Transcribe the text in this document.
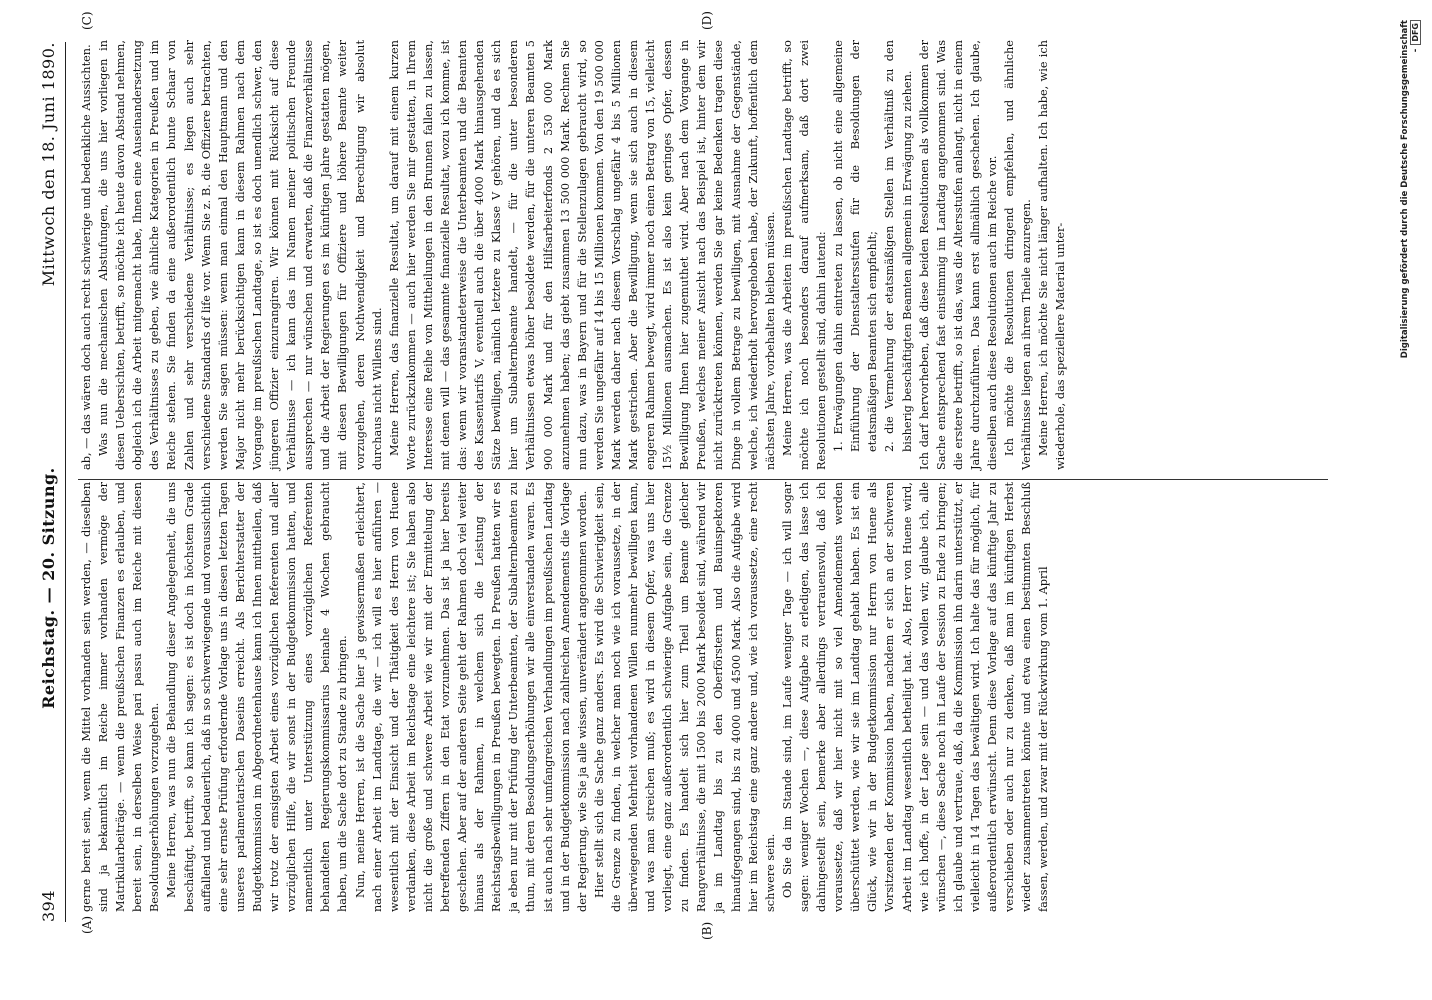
394
Reichstag. — 20. Sitzung.
Mittwoch den 18. Juni 1890.
(A)	(B)
(C)	(D)

gerne bereit sein, wenn die Mittel vorhanden sein werden, — dieselben sind ja bekanntlich im Reiche immer vorhanden vermöge der Matrikularbeiträge. — wenn die preußischen Finanzen es erlauben, und bereit sein, in derselben Weise pari passu auch im Reiche mit diesen Besoldungserhöhungen vorzugehen. Meine Herren, was nun die Behandlung dieser Angelegenheit, die uns beschäftigt, betrifft, so kann ich sagen: es ist doch in höchstem Grade auffallend und bedauerlich, daß in so schwerwiegende und voraussichtlich eine sehr ernste Prüfung erfordernde Vorlage uns in diesen letzten Tagen unseres parlamentarischen Daseins erreicht. Als Berichterstatter der Budgetkommission im Abgeordnetenhause kann ich Ihnen mittheilen, daß wir trotz der emsigsten Arbeit eines vorzüglichen Referenten und aller vorzüglichen Hilfe, die wir sonst in der Budgetkommission hatten, und namentlich unter Unterstützung eines vorzüglichen Referenten behandelten Regierungskommissarius beinahe 4 Wochen gebraucht haben, um die Sache dort zu Stande zu bringen. Nun, meine Herren, ist die Sache hier ja gewissermaßen erleichtert, nach einer Arbeit im Landtage, die wir — ich will es hier anführen — wesentlich mit der Einsicht und der Thätigkeit des Herrn von Huene verdanken, diese Arbeit im Reichstage eine leichtere ist; Sie haben also nicht die große und schwere Arbeit wie wir mit der Ermittelung der betreffenden Ziffern in den Etat vorzunehmen. Das ist ja hier bereits geschehen. Aber auf der anderen Seite geht der Rahmen doch viel weiter hinaus als der Rahmen, in welchem sich die Leistung der Reichstagsbewilligungen in Preußen bewegten. In Preußen hatten wir es ja eben nur mit der Prüfung der Unterbeamten, der Subalternbeamten zu thun, mit deren Besoldungserhöhungen wir alle einverstanden waren. Es ist auch nach sehr umfangreichen Verhandlungen im preußischen Landtag und in der Budgetkommission nach zahlreichen Amendements die Vorlage der Regierung, wie Sie ja alle wissen, unverändert angenommen worden. Hier stellt sich die Sache ganz anders. Es wird die Schwierigkeit sein, die Grenze zu finden, in welcher man noch wie ich voraussetze, in der überwiegenden Mehrheit vorhandenen Willen nunmehr bewilligen kann, und was man streichen muß; es wird in diesem Opfer, was uns hier vorliegt, eine ganz außerordentlich schwierige Aufgabe sein, die Grenze zu finden. Es handelt sich hier zum Theil um Beamte gleicher Rangverhältnisse, die mit 1500 bis 2000 Mark besoldet sind, während wir ja im Landtag bis zu den Oberförstern und Bauinspektoren hinaufgegangen sind, bis zu 4000 und 4500 Mark. Also die Aufgabe wird hier im Reichstag eine ganz andere und, wie ich voraussetze, eine recht schwere sein. Ob Sie da im Stande sind, im Laufe weniger Tage — ich will sogar sagen: weniger Wochen —, diese Aufgabe zu erledigen, das lasse ich dahingestellt sein, bemerke aber allerdings vertrauensvoll, daß ich voraussetze, daß wir hier nicht mit so viel Amendements werden überschüttet werden, wie wir sie im Landtag gehabt haben. Es ist ein Glück, wie wir in der Budgetkommission nur Herrn von Huene als Vorsitzenden der Kommission haben, nachdem er sich an der schweren Arbeit im Landtag wesentlich betheiligt hat. Also, Herr von Huene wird, wie ich hoffe, in der Lage sein — und das wollen wir, glaube ich, alle wünschen —, diese Sache noch im Laufe der Session zu Ende zu bringen; ich glaube und vertraue, daß, da die Kommission ihn darin unterstützt, er vielleicht in 14 Tagen das bewältigen wird. Ich halte das für möglich, für außerordentlich erwünscht. Denn diese Vorlage auf das künftige Jahr zu verschieben oder auch nur zu denken, daß man im künftigen Herbst wieder zusammentreten könnte und etwa einen bestimmten Beschluß fassen, werden, und zwar mit der Rückwirkung vom 1. April

ab, — das wären doch auch recht schwierige und bedenkliche Aussichten. Was nun die mechanischen Abstufungen, die uns hier vorliegen in diesen Uebersichten, betrifft, so möchte ich heute davon Abstand nehmen, obgleich ich die Arbeit mitgemacht habe, Ihnen eine Auseinandersetzung des Verhältnisses zu geben, wie ähnliche Kategorien in Preußen und im Reiche stehen. Sie finden da eine außerordentlich bunte Schaar von Zahlen und sehr verschiedene Verhältnisse; es liegen auch sehr verschiedene Standards of life vor. Wenn Sie z. B. die Offiziere betrachten, werden Sie sagen müssen: wenn man einmal den Hauptmann und den Major nicht mehr berücksichtigen kann in diesem Rahmen nach dem Vorgange im preußischen Landtage, so ist es doch unendlich schwer, den jüngeren Offizier einzurangiren. Wir können mit Rücksicht auf diese Verhältnisse — ich kann das im Namen meiner politischen Freunde aussprechen — nur wünschen und erwarten, daß die Finanzverhältnisse und die Arbeit der Regierungen es im künftigen Jahre gestatten mögen, mit diesen Bewilligungen für Offiziere und höhere Beamte weiter vorzugehen, deren Nothwendigkeit und Berechtigung wir absolut durchaus nicht Willens sind. Meine Herren, das finanzielle Resultat, um darauf mit einem kurzen Worte zurückzukommen — auch hier werden Sie mir gestatten, in Ihrem Interesse eine Reihe von Mittheilungen in den Brunnen fallen zu lassen, mit denen will — das gesammte finanzielle Resultat, wozu ich komme, ist das: wenn wir voranstandeterweise die Unterbeamten und die Beamten des Kassentarifs V, eventuell auch die über 4000 Mark hinausgehenden Sätze bewilligen, nämlich letztere zu Klasse V gehören, und da es sich hier um Subalternbeamte handelt, — für die unter besonderen Verhältnissen etwas höher besoldete werden, für die unteren Beamten 5 900 000 Mark und für den Hilfsarbeiterfonds 2 530 000 Mark anzunehmen haben; das giebt zusammen 13 500 000 Mark. Rechnen Sie nun dazu, was in Bayern und für die Stellenzulagen gebraucht wird, so werden Sie ungefähr auf 14 bis 15 Millionen kommen. Von den 19 500 000 Mark werden daher nach diesem Vorschlag ungefähr 4 bis 5 Millionen Mark gestrichen. Aber die Bewilligung, wenn sie sich auch in diesem engeren Rahmen bewegt, wird immer noch einen Betrag von 15, vielleicht 15½ Millionen ausmachen. Es ist also kein geringes Opfer, dessen Bewilligung Ihnen hier zugemuthet wird. Aber nach dem Vorgange in Preußen, welches meiner Ansicht nach das Beispiel ist, hinter dem wir nicht zurücktreten können, werden Sie gar keine Bedenken tragen diese Dinge in vollem Betrage zu bewilligen, mit Ausnahme der Gegenstände, welche, ich wiederholt hervorgehoben habe, der Zukunft, hoffentlich dem nächsten Jahre, vorbehalten bleiben müssen. Meine Herren, was die Arbeiten im preußischen Landtage betrifft, so möchte ich noch besonders darauf aufmerksam, daß dort zwei Resolutionen gestellt sind, dahin lautend: 1. Erwägungen dahin eintreten zu lassen, ob nicht eine allgemeine Einführung der Dienstaltersstufen für die Besoldungen der etatsmäßigen Beamten sich empfiehlt; 2. die Vermehrung der etatsmäßigen Stellen im Verhältniß zu den bisherig beschäftigten Beamten allgemein in Erwägung zu ziehen. Ich darf hervorheben, daß diese beiden Resolutionen als vollkommen der Sache entsprechend fast einstimmig im Landtag angenommen sind. Was die erstere betrifft, so ist das, was die Altersstufen anlangt, nicht in einem Jahre durchzuführen. Das kann erst allmählich geschehen. Ich glaube, dieselben auch diese Resolutionen auch im Reiche vor. Ich möchte die Resolutionen dringend empfehlen, und ähnliche Verhältnisse liegen an ihrem Theile anzuregen. Meine Herren, ich möchte Sie nicht länger aufhalten. Ich habe, wie ich wiederhole, das speziellere Material unter-	Digitalisierung gefördert durch die Deutsche Forschungsgemeinschaft -DFG
